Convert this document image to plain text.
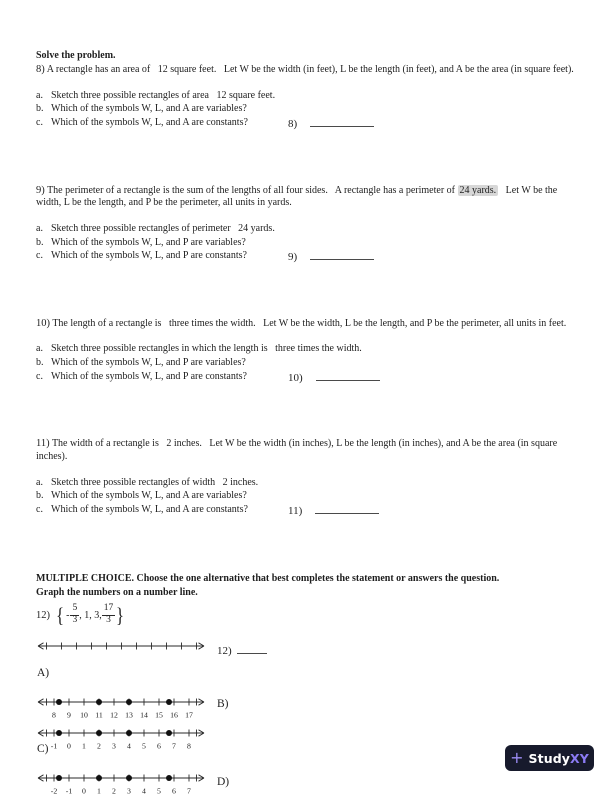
Solve the problem.

8) A rectangle has an area of   12 square feet.   Let W be the width (in feet), L be the length (in feet), and A be the area (in square feet).

a. Sketch three possible rectangles of area   12 square feet.
b. Which of the symbols W, L, and A are variables?
c. Which of the symbols W, L, and A are constants?
	8)

9) The perimeter of a rectangle is the sum of the lengths of all four sides.   A rectangle has a perimeter of 24 yards.   Let W be the width, L be the length, and P be the perimeter, all units in yards.

a. Sketch three possible rectangles of perimeter   24 yards.
b. Which of the symbols W, L, and P are variables?
c. Which of the symbols W, L, and P are constants?
	9)

10) The length of a rectangle is   three times the width.   Let W be the width, L be the length, and P be the perimeter, all units in feet.

a. Sketch three possible rectangles in which the length is   three times the width.
b. Which of the symbols W, L, and P are variables?
c. Which of the symbols W, L, and P are constants?
	10)

11) The width of a rectangle is   2 inches.   Let W be the width (in inches), L be the length (in inches), and A be the area (in square inches).

a. Sketch three possible rectangles of width   2 inches.
b. Which of the symbols W, L, and A are variables?
c. Which of the symbols W, L, and A are constants?
	11)

MULTIPLE CHOICE. Choose the one alternative that best completes the statement or answers the question.

Graph the numbers on a number line.

12) { - $\frac{5}{3}$ , 1, 3, $\frac{17}{3}$ }
12)
A)
8 9 10 11 12 13 14 15 16 17
B)
-1 0 1 2 3 4 5 6 7 8
C)
-2 -1 0 1 2 3 4 5 6 7
D)
+ StudyXY
